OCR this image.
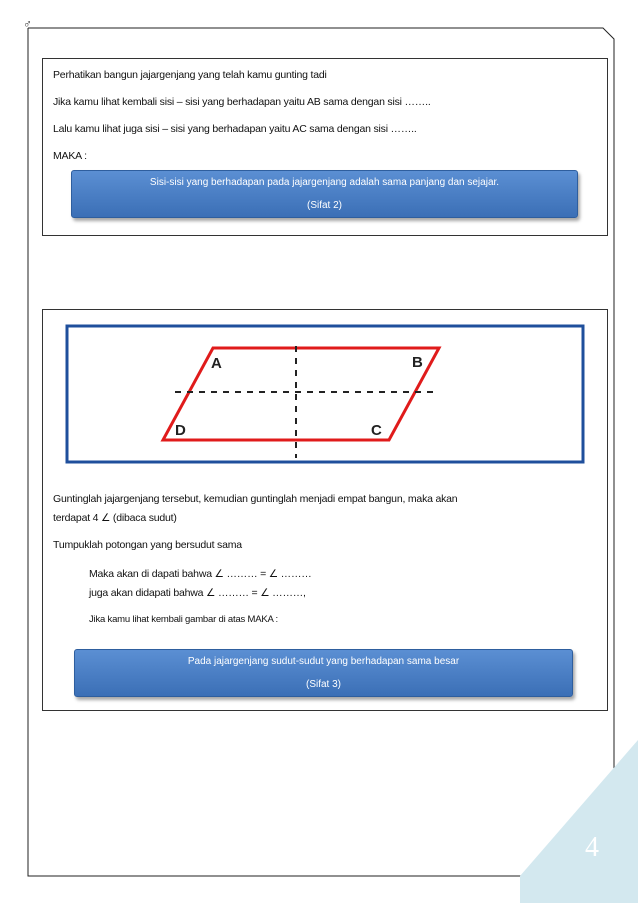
♂
Perhatikan bangun jajargenjang yang telah kamu gunting tadi
Jika kamu lihat kembali sisi – sisi yang berhadapan yaitu AB sama dengan sisi ……..
Lalu kamu lihat juga sisi – sisi yang berhadapan yaitu AC sama dengan sisi ……..
MAKA :
Sisi-sisi yang berhadapan pada jajargenjang adalah sama panjang dan sejajar.
(Sifat 2)
A	B
C
D
Guntinglah jajargenjang tersebut, kemudian guntinglah menjadi empat bangun, maka akan
terdapat 4 ∠ (dibaca sudut)
Tumpuklah potongan yang bersudut sama
Maka akan di dapati bahwa ∠ ……… = ∠ ………
juga akan didapati bahwa ∠ ……… = ∠ ………,
Jika kamu lihat kembali gambar di atas MAKA :
Pada jajargenjang sudut-sudut yang berhadapan sama besar
(Sifat 3)
4
